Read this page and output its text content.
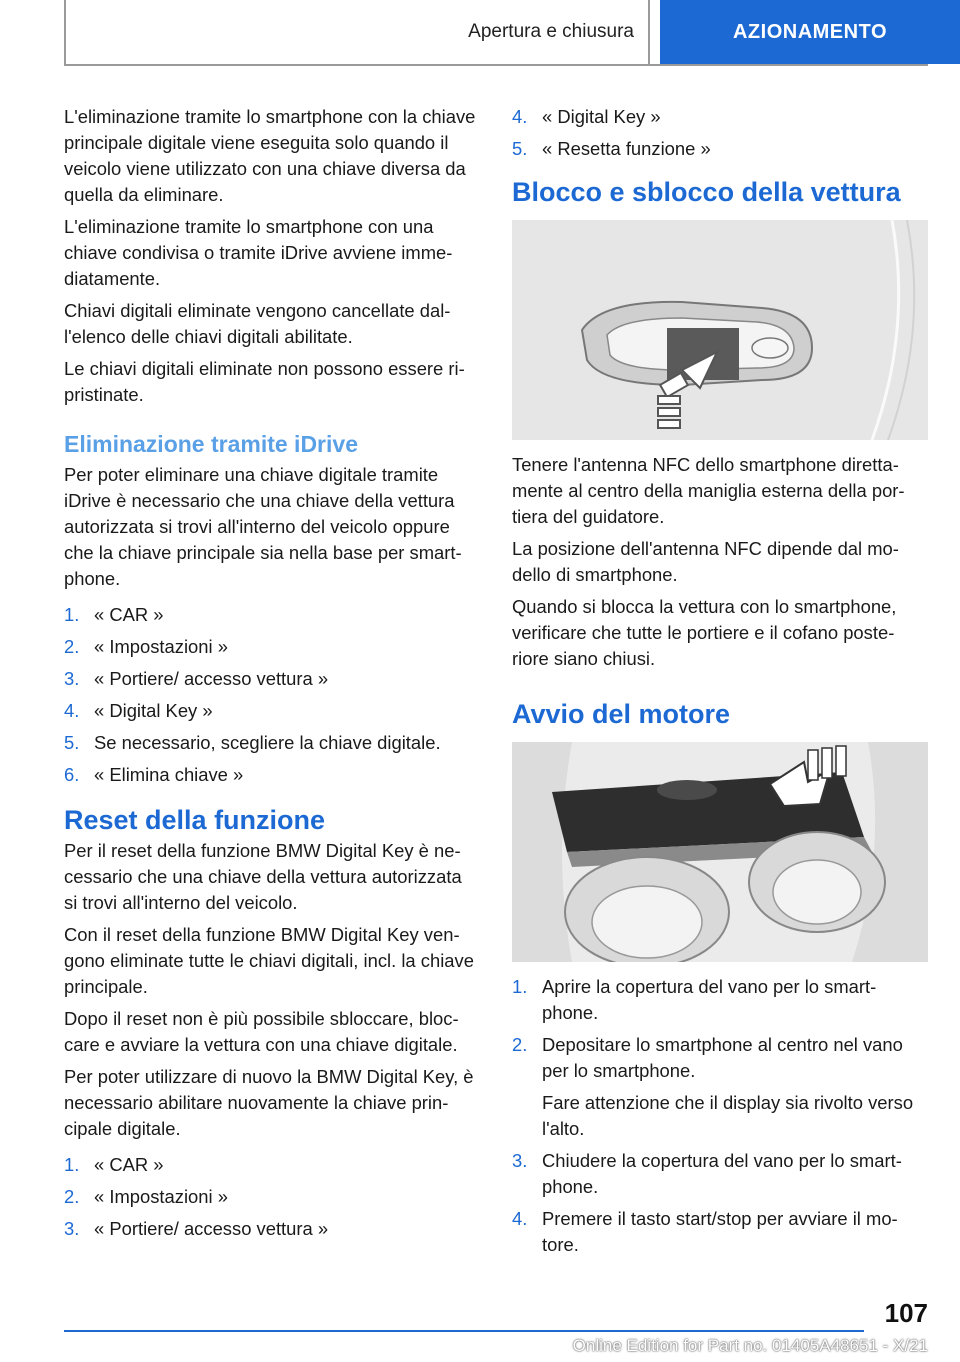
Apertura e chiusura	AZIONAMENTO

L'eliminazione tramite lo smartphone con la chiave principale digitale viene eseguita solo quando il veicolo viene utilizzato con una chiave diversa da quella da eliminare.

L'eliminazione tramite lo smartphone con una chiave condivisa o tramite iDrive avviene imme-diatamente.

Chiavi digitali eliminate vengono cancellate dal-l'elenco delle chiavi digitali abilitate.

Le chiavi digitali eliminate non possono essere ri-pristinate.

Eliminazione tramite iDrive

Per poter eliminare una chiave digitale tramite iDrive è necessario che una chiave della vettura autorizzata si trovi all'interno del veicolo oppure che la chiave principale sia nella base per smart-phone.

1. « CAR »
2. « Impostazioni »
3. « Portiere/ accesso vettura »
4. « Digital Key »
5. Se necessario, scegliere la chiave digitale.
6. « Elimina chiave »
Reset della funzione

Per il reset della funzione BMW Digital Key è ne-cessario che una chiave della vettura autorizzata si trovi all'interno del veicolo.

Con il reset della funzione BMW Digital Key ven-gono eliminate tutte le chiavi digitali, incl. la chiave principale.

Dopo il reset non è più possibile sbloccare, bloc-care e avviare la vettura con una chiave digitale.

Per poter utilizzare di nuovo la BMW Digital Key, è necessario abilitare nuovamente la chiave prin-cipale digitale.

1. « CAR »
2. « Impostazioni »
3. « Portiere/ accesso vettura »
4. « Digital Key »
5. « Resetta funzione »
Blocco e sblocco della vettura

Tenere l'antenna NFC dello smartphone diretta-mente al centro della maniglia esterna della por-tiera del guidatore.

La posizione dell'antenna NFC dipende dal mo-dello di smartphone.

Quando si blocca la vettura con lo smartphone, verificare che tutte le portiere e il cofano poste-riore siano chiusi.

Avvio del motore
1. Aprire la copertura del vano per lo smart-phone.
2. Depositare lo smartphone al centro nel vano per lo smartphone.
Fare attenzione che il display sia rivolto verso l'alto.
3. Chiudere la copertura del vano per lo smart-phone.
4. Premere il tasto start/stop per avviare il mo-tore.
107
Online Edition for Part no. 01405A48651 - X/21
